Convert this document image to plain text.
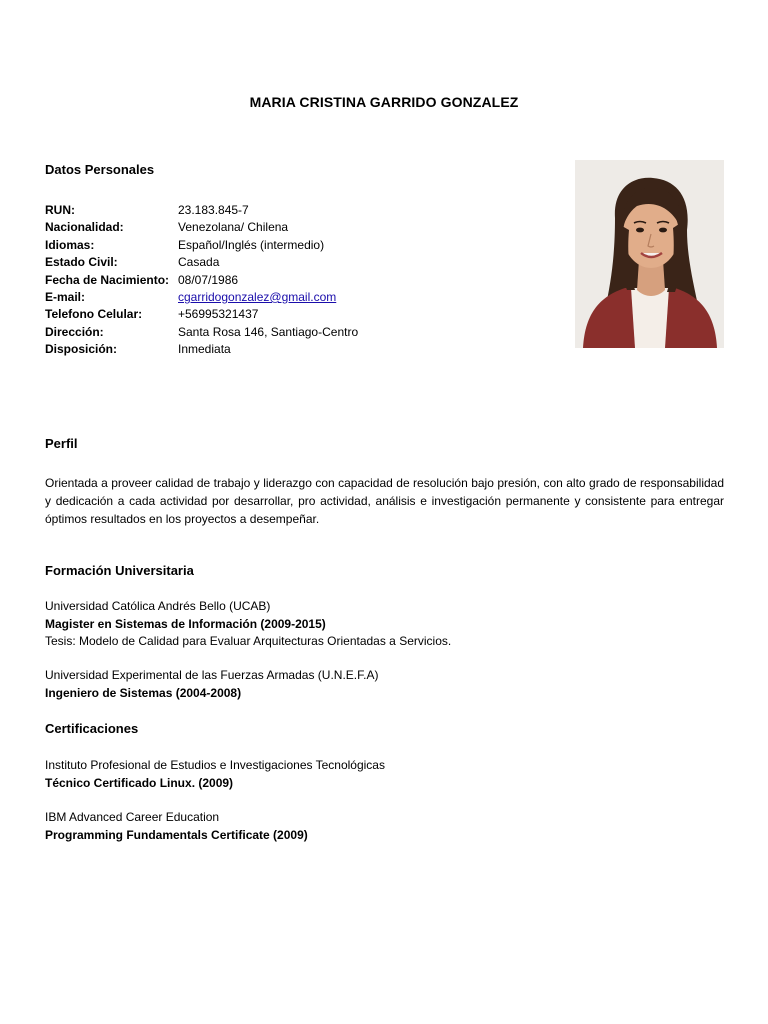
MARIA CRISTINA GARRIDO GONZALEZ
Datos Personales
RUN:	23.183.845-7
Nacionalidad:	Venezolana/ Chilena
Idiomas:	Español/Inglés (intermedio)
Estado Civil:	Casada
Fecha de Nacimiento: 08/07/1986
E-mail:	cgarridogonzalez@gmail.com
Telefono Celular:	+56995321437
Dirección:	Santa Rosa 146, Santiago-Centro
Disposición:	Inmediata
Perfil
Orientada a proveer calidad de trabajo y liderazgo con capacidad de resolución bajo presión, con alto grado de responsabilidad y dedicación a cada actividad por desarrollar, pro actividad, análisis e investigación permanente y consistente para entregar óptimos resultados en los proyectos a desempeñar.
Formación Universitaria
Universidad Católica Andrés Bello (UCAB)
Magister en Sistemas de Información (2009-2015)
Tesis: Modelo de Calidad para Evaluar Arquitecturas Orientadas a Servicios.
Universidad Experimental de las Fuerzas Armadas (U.N.E.F.A)
Ingeniero de Sistemas (2004-2008)
Certificaciones
Instituto Profesional de Estudios e Investigaciones Tecnológicas
Técnico Certificado Linux. (2009)
IBM Advanced Career Education
Programming Fundamentals Certificate (2009)
